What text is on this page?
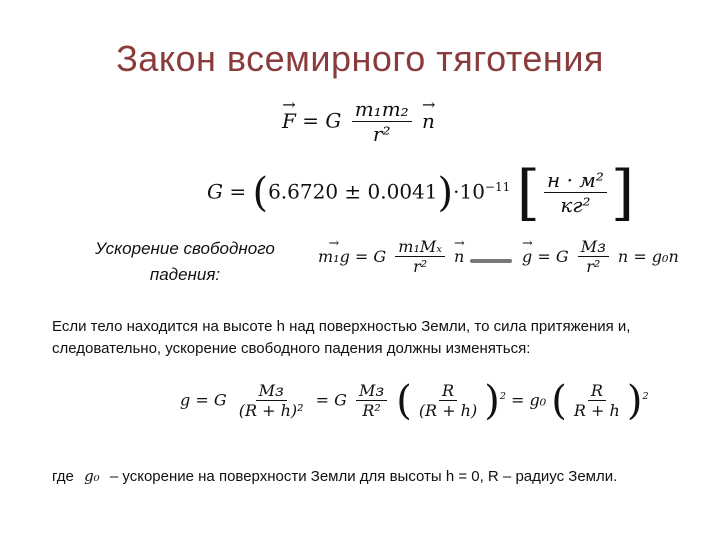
Закон всемирного тяготения
→ F = G $\frac{\text{m₁m₂}}{\text{r²}}$
→ n
$G = (6.6720 \pm 0.0041)\cdot 10^{-11}$ [ $\frac{\text{н · м²}}{\text{кг²}}$ ]
Ускорение свободного падения:
→ m₁g = G $\frac{\text{m₁Mₓ}}{\text{r²}}$
→ n
→	g = G $\frac{Mз}{\text{r²}}$ n = g₀n
Если тело находится на высоте h над поверхностью Земли, то сила притяжения и, следовательно, ускорение свободного падения должны изменяться:
g = G $\frac{Mз}{\text{(R + h)²}} = G \frac{Mз}{\text{R²}}$ ( $\frac{R}{(R + h)} )^2 = g_0$ ( $\frac{R}{R + h} )^2$
где g₀ – ускорение на поверхности Земли для высоты h = 0, R – радиус Земли.
